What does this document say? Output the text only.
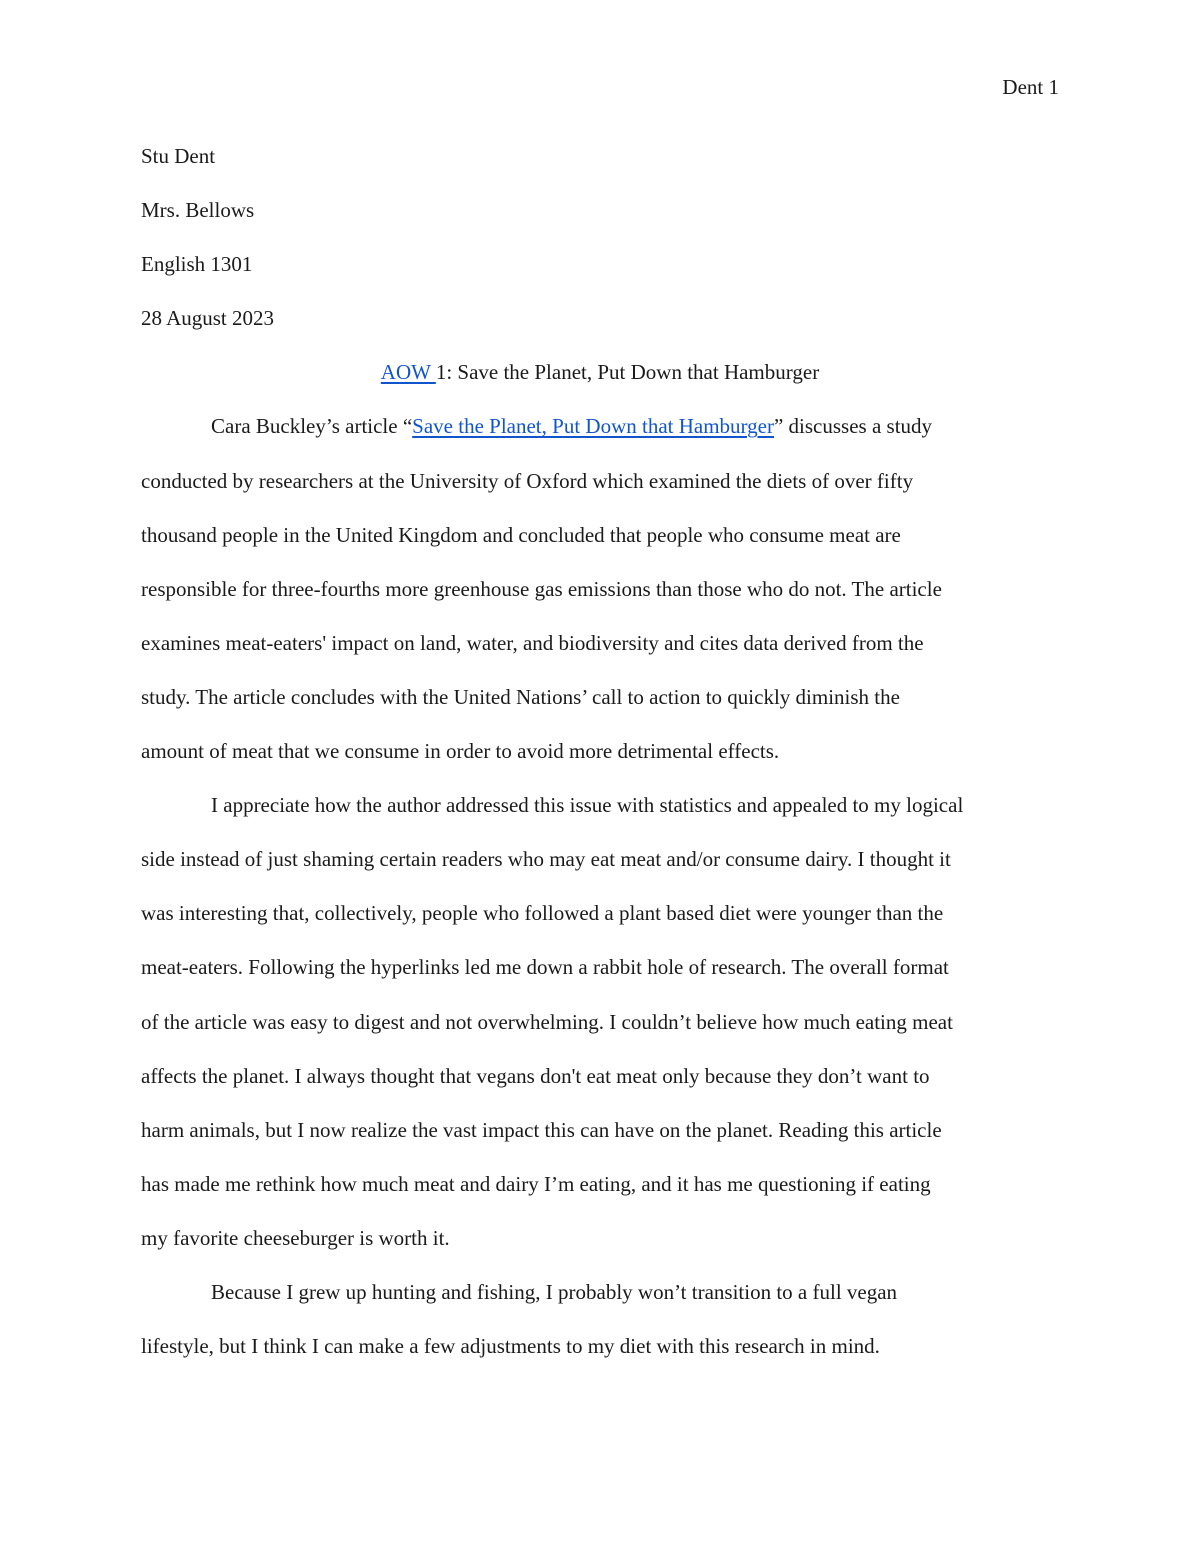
Dent 1
Stu Dent
Mrs. Bellows
English 1301
28 August 2023
AOW 1: Save the Planet, Put Down that Hamburger
Cara Buckley’s article “Save the Planet, Put Down that Hamburger” discusses a study
conducted by researchers at the University of Oxford which examined the diets of over fifty
thousand people in the United Kingdom and concluded that people who consume meat are
responsible for three-fourths more greenhouse gas emissions than those who do not. The article
examines meat-eaters' impact on land, water, and biodiversity and cites data derived from the
study. The article concludes with the United Nations’ call to action to quickly diminish the
amount of meat that we consume in order to avoid more detrimental effects.
I appreciate how the author addressed this issue with statistics and appealed to my logical
side instead of just shaming certain readers who may eat meat and/or consume dairy. I thought it
was interesting that, collectively, people who followed a plant based diet were younger than the
meat-eaters. Following the hyperlinks led me down a rabbit hole of research. The overall format
of the article was easy to digest and not overwhelming. I couldn’t believe how much eating meat
affects the planet. I always thought that vegans don't eat meat only because they don’t want to
harm animals, but I now realize the vast impact this can have on the planet. Reading this article
has made me rethink how much meat and dairy I’m eating, and it has me questioning if eating
my favorite cheeseburger is worth it.
Because I grew up hunting and fishing, I probably won’t transition to a full vegan
lifestyle, but I think I can make a few adjustments to my diet with this research in mind.
